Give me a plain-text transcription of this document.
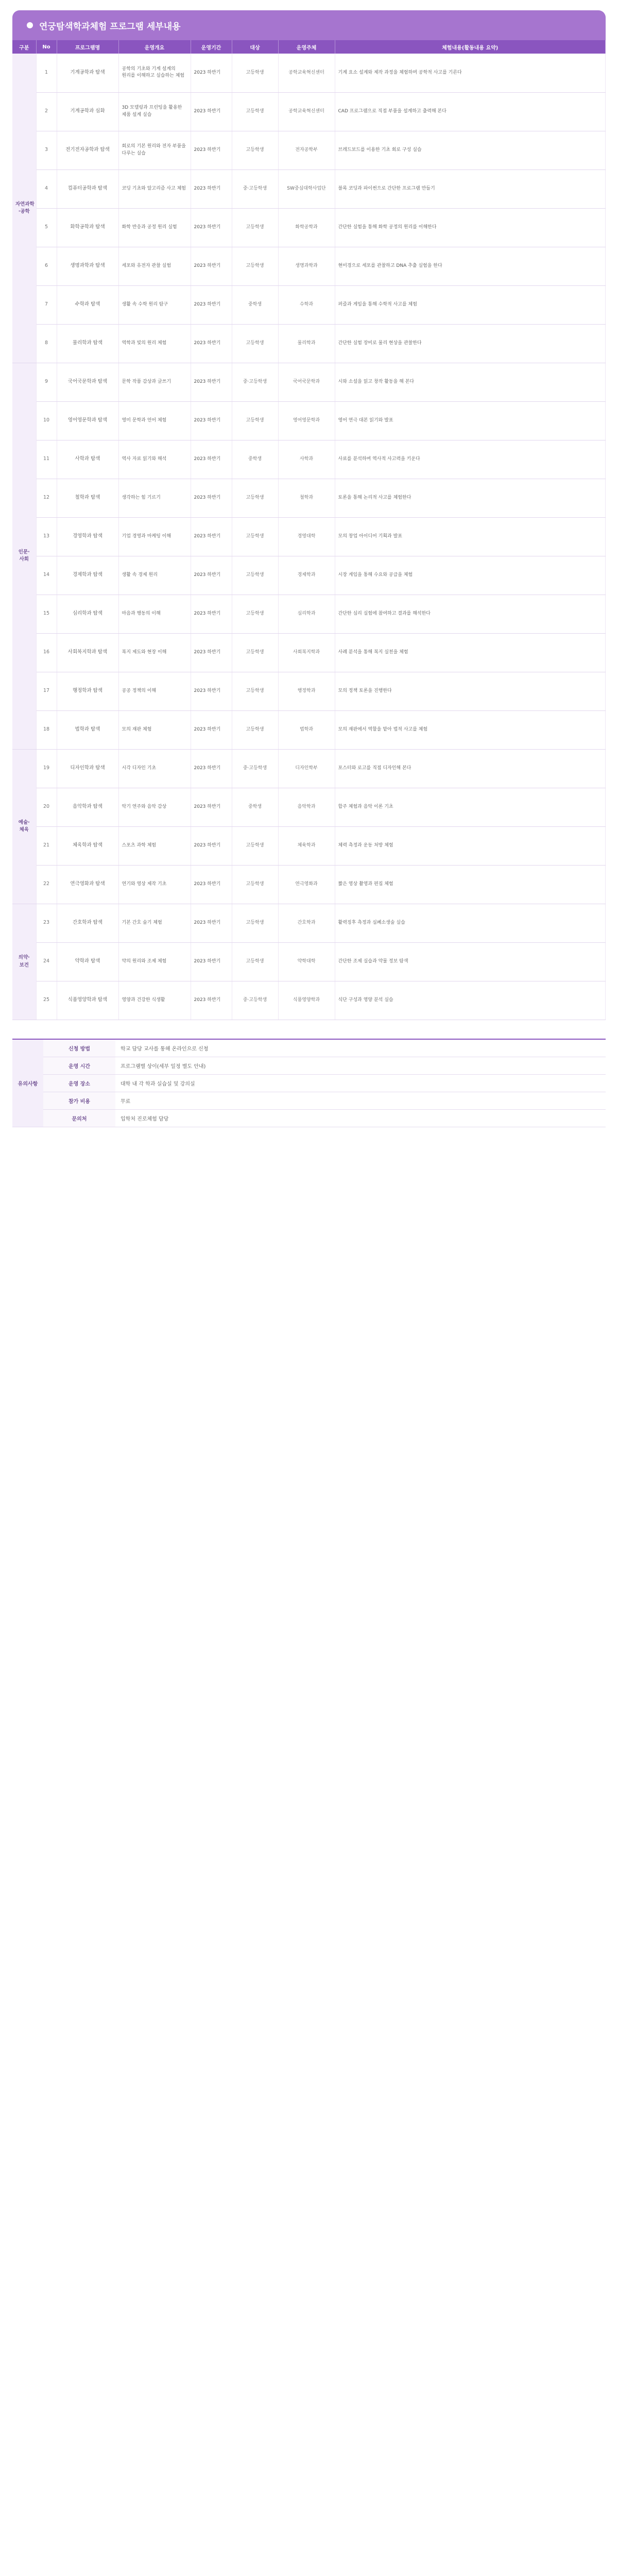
연궁탐색학과체험 프로그램 세부내용
구분	No	프로그램명	운영개요	운영기간	대상	운영주체	체험내용(활동내용 요약)
자연과학·공학	1	기계공학과 탐색	공학의 기초와 기계 설계의 원리를 이해하고 실습하는 체험	2023 하반기	고등학생	공학교육혁신센터	기계 요소 설계와 제작 과정을 체험하며 공학적 사고를 기른다
	2	기계공학과 심화	3D 모델링과 프린팅을 활용한 제품 설계 실습	2023 하반기	고등학생	공학교육혁신센터	CAD 프로그램으로 직접 부품을 설계하고 출력해 본다
	3	전기전자공학과 탐색	회로의 기본 원리와 전자 부품을 다루는 실습	2023 하반기	고등학생	전자공학부	브레드보드를 이용한 기초 회로 구성 실습
	4	컴퓨터공학과 탐색	코딩 기초와 알고리즘 사고 체험	2023 하반기	중·고등학생	SW중심대학사업단	블록 코딩과 파이썬으로 간단한 프로그램 만들기
	5	화학공학과 탐색	화학 반응과 공정 원리 실험	2023 하반기	고등학생	화학공학과	간단한 실험을 통해 화학 공정의 원리를 이해한다
	6	생명과학과 탐색	세포와 유전자 관찰 실험	2023 하반기	고등학생	생명과학과	현미경으로 세포를 관찰하고 DNA 추출 실험을 한다
	7	수학과 탐색	생활 속 수학 원리 탐구	2023 하반기	중학생	수학과	퍼즐과 게임을 통해 수학적 사고를 체험
	8	물리학과 탐색	역학과 빛의 원리 체험	2023 하반기	고등학생	물리학과	간단한 실험 장비로 물리 현상을 관찰한다
인문·사회	9	국어국문학과 탐색	문학 작품 감상과 글쓰기	2023 하반기	중·고등학생	국어국문학과	시와 소설을 읽고 창작 활동을 해 본다
	10	영어영문학과 탐색	영미 문학과 언어 체험	2023 하반기	고등학생	영어영문학과	영어 연극 대본 읽기와 발표
	11	사학과 탐색	역사 자료 읽기와 해석	2023 하반기	중학생	사학과	사료를 분석하며 역사적 사고력을 키운다
	12	철학과 탐색	생각하는 힘 기르기	2023 하반기	고등학생	철학과	토론을 통해 논리적 사고를 체험한다
	13	경영학과 탐색	기업 경영과 마케팅 이해	2023 하반기	고등학생	경영대학	모의 창업 아이디어 기획과 발표
	14	경제학과 탐색	생활 속 경제 원리	2023 하반기	고등학생	경제학과	시장 게임을 통해 수요와 공급을 체험
	15	심리학과 탐색	마음과 행동의 이해	2023 하반기	고등학생	심리학과	간단한 심리 실험에 참여하고 결과를 해석한다
	16	사회복지학과 탐색	복지 제도와 현장 이해	2023 하반기	고등학생	사회복지학과	사례 분석을 통해 복지 실천을 체험
	17	행정학과 탐색	공공 정책의 이해	2023 하반기	고등학생	행정학과	모의 정책 토론을 진행한다
	18	법학과 탐색	모의 재판 체험	2023 하반기	고등학생	법학과	모의 재판에서 역할을 맡아 법적 사고를 체험
예술·체육	19	디자인학과 탐색	시각 디자인 기초	2023 하반기	중·고등학생	디자인학부	포스터와 로고를 직접 디자인해 본다
	20	음악학과 탐색	악기 연주와 음악 감상	2023 하반기	중학생	음악학과	합주 체험과 음악 이론 기초
	21	체육학과 탐색	스포츠 과학 체험	2023 하반기	고등학생	체육학과	체력 측정과 운동 처방 체험
	22	연극영화과 탐색	연기와 영상 제작 기초	2023 하반기	고등학생	연극영화과	짧은 영상 촬영과 편집 체험
의약·보건	23	간호학과 탐색	기본 간호 술기 체험	2023 하반기	고등학생	간호학과	활력징후 측정과 심폐소생술 실습
	24	약학과 탐색	약의 원리와 조제 체험	2023 하반기	고등학생	약학대학	간단한 조제 실습과 약물 정보 탐색
	25	식품영양학과 탐색	영양과 건강한 식생활	2023 하반기	중·고등학생	식품영양학과	식단 구성과 영양 분석 실습
유의사항	신청 방법	학교 담당 교사를 통해 온라인으로 신청
	운영 시간	프로그램별 상이(세부 일정 별도 안내)
	운영 장소	대학 내 각 학과 실습실 및 강의실
	참가 비용	무료
	문의처	입학처 진로체험 담당
